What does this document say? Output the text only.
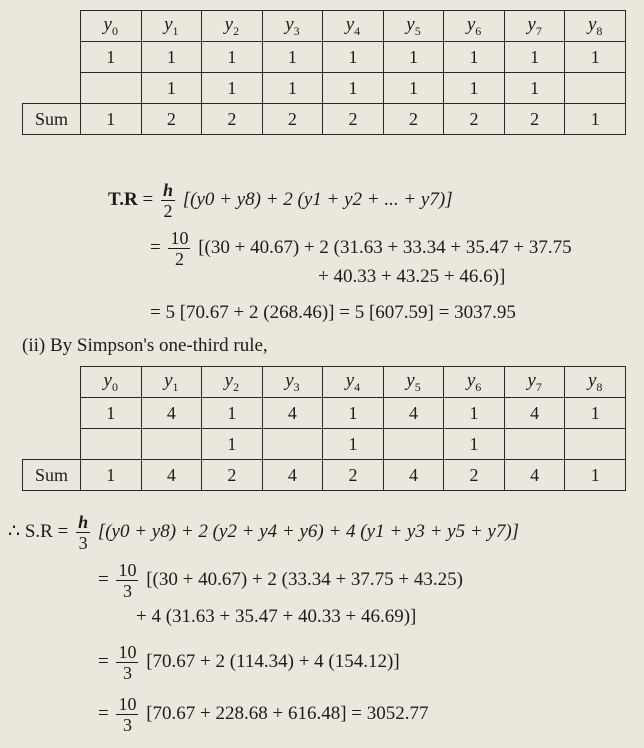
	$y_0$	$y_1$	$y_2$	$y_3$	$y_4$	$y_5$	$y_6$	$y_7$	$y_8$
	1	1	1	1	1	1	1	1	1
		1	1	1	1	1	1	1	
Sum	1	2	2	2	2	2	2	2	1
$T.R = \frac{h}{2} [(y0 + y8) + 2$ (y1 + y2 + ... + y7)]
= $\frac{10}{2} [(30 + 40.67) + 2$ (31.63 + 33.34 + 35.47 + 37.75
+ 40.33 + 43.25 + 46.6)]
= 5 [70.67 + 2 (268.46)] = 5 [607.59] = 3037.95
(ii) By Simpson's one-third rule,
	$y_0$	$y_1$	$y_2$	$y_3$	$y_4$	$y_5$	$y_6$	$y_7$	$y_8$
	1	4	1	4	1	4	1	4	1
			1		1		1		
Sum	1	4	2	4	2	4	2	4	1
∴ $S.R = \frac{h}{3} [(y0 + y8) + 2$ (y2 + y4 + y6) + 4 (y1 + y3 + y5 + y7)]
= $\frac{10}{3} [(30 + 40.67) + 2$ (33.34 + 37.75 + 43.25)
+ 4 (31.63 + 35.47 + 40.33 + 46.69)]
= $\frac{10}{3} [70.67 + 2$ (114.34) + 4 (154.12)]
= $\frac{10}{3} [70.67 + 228.68 + 616.48] = 3052.77$
